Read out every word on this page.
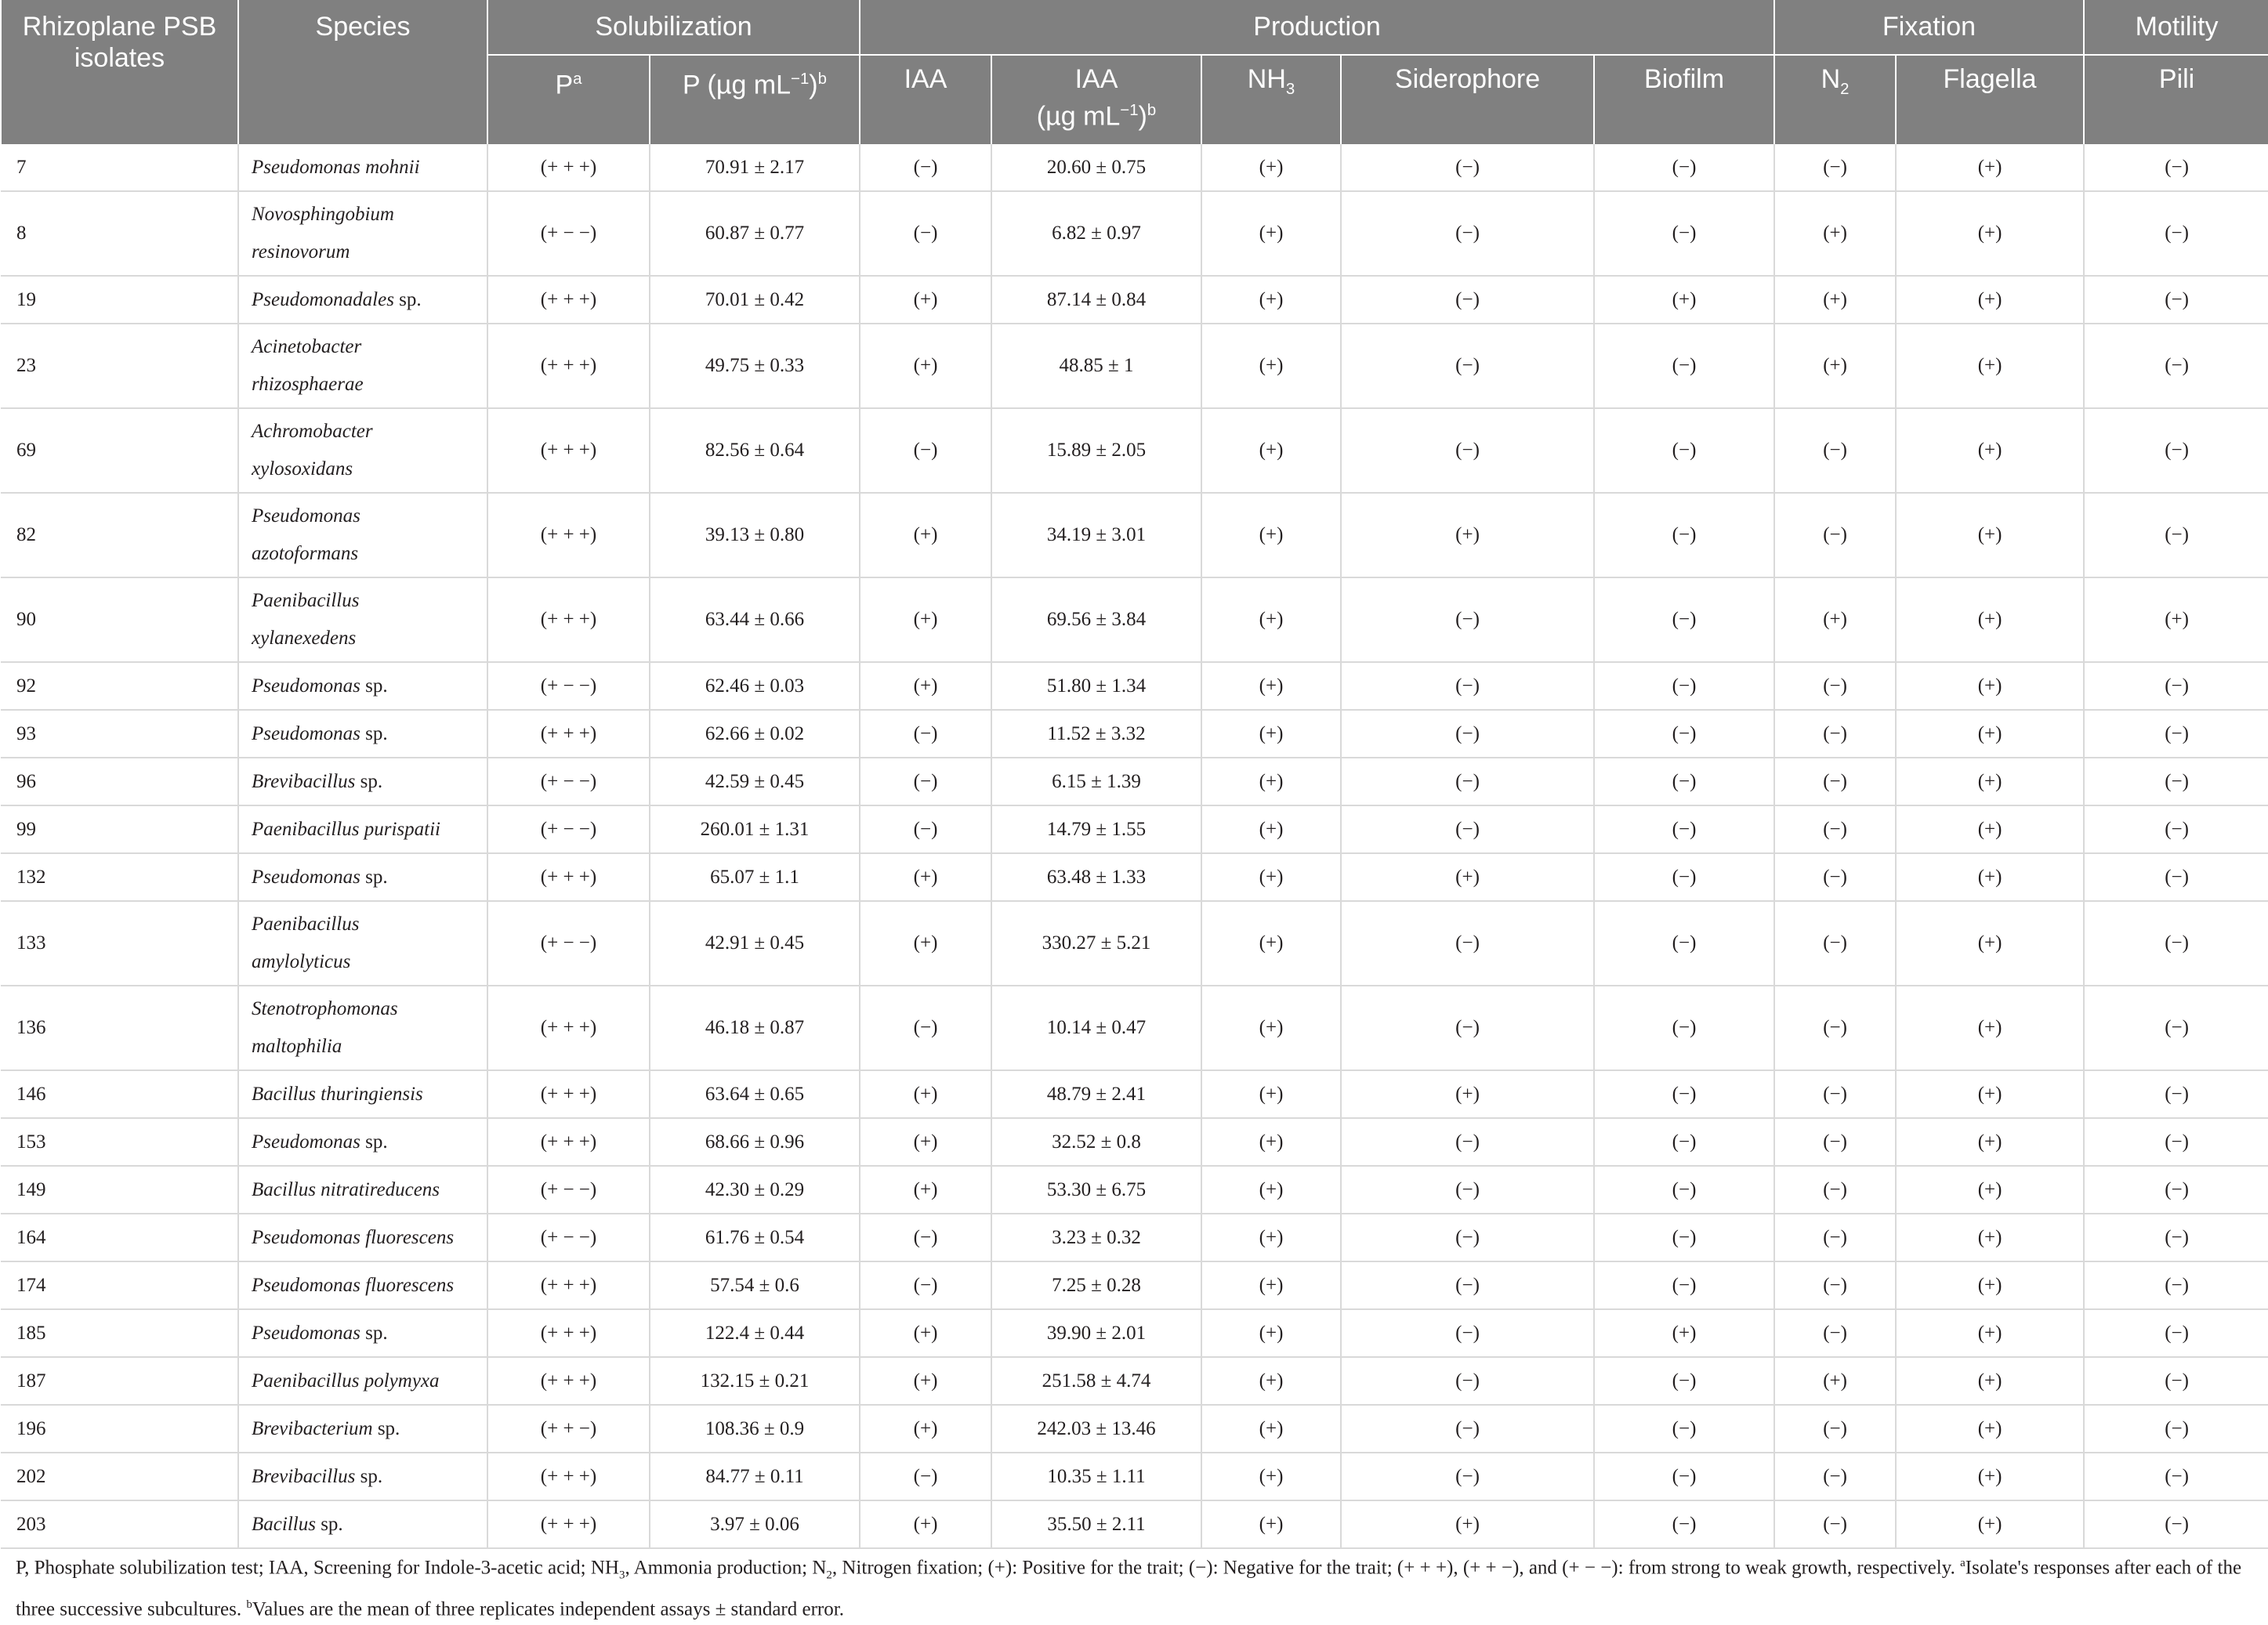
Rhizoplane PSB isolates	Species	Solubilization		Production					Fixation		Motility
		$P^a$	P (µg $mL^{-1})^b$	IAA	IAA
(µg $mL^{-1})^b$	$NH_3$	Siderophore	Biofilm	$N_2$	Flagella	Pili
7	Pseudomonas mohnii	(+ + +)	70.91 ± 2.17	(−)	20.60 ± 0.75	(+)	(−)	(−)	(−)	(+)	(−)
8	Novosphingobium
resinovorum	(+ − −)	60.87 ± 0.77	(−)	6.82 ± 0.97	(+)	(−)	(−)	(+)	(+)	(−)
19	Pseudomonadales sp.	(+ + +)	70.01 ± 0.42	(+)	87.14 ± 0.84	(+)	(−)	(+)	(+)	(+)	(−)
23	Acinetobacter
rhizosphaerae	(+ + +)	49.75 ± 0.33	(+)	48.85 ± 1	(+)	(−)	(−)	(+)	(+)	(−)
69	Achromobacter
xylosoxidans	(+ + +)	82.56 ± 0.64	(−)	15.89 ± 2.05	(+)	(−)	(−)	(−)	(+)	(−)
82	Pseudomonas
azotoformans	(+ + +)	39.13 ± 0.80	(+)	34.19 ± 3.01	(+)	(+)	(−)	(−)	(+)	(−)
90	Paenibacillus
xylanexedens	(+ + +)	63.44 ± 0.66	(+)	69.56 ± 3.84	(+)	(−)	(−)	(+)	(+)	(+)
92	Pseudomonas sp.	(+ − −)	62.46 ± 0.03	(+)	51.80 ± 1.34	(+)	(−)	(−)	(−)	(+)	(−)
93	Pseudomonas sp.	(+ + +)	62.66 ± 0.02	(−)	11.52 ± 3.32	(+)	(−)	(−)	(−)	(+)	(−)
96	Brevibacillus sp.	(+ − −)	42.59 ± 0.45	(−)	6.15 ± 1.39	(+)	(−)	(−)	(−)	(+)	(−)
99	Paenibacillus purispatii	(+ − −)	260.01 ± 1.31	(−)	14.79 ± 1.55	(+)	(−)	(−)	(−)	(+)	(−)
132	Pseudomonas sp.	(+ + +)	65.07 ± 1.1	(+)	63.48 ± 1.33	(+)	(+)	(−)	(−)	(+)	(−)
133	Paenibacillus
amylolyticus	(+ − −)	42.91 ± 0.45	(+)	330.27 ± 5.21	(+)	(−)	(−)	(−)	(+)	(−)
136	Stenotrophomonas
maltophilia	(+ + +)	46.18 ± 0.87	(−)	10.14 ± 0.47	(+)	(−)	(−)	(−)	(+)	(−)
146	Bacillus thuringiensis	(+ + +)	63.64 ± 0.65	(+)	48.79 ± 2.41	(+)	(+)	(−)	(−)	(+)	(−)
153	Pseudomonas sp.	(+ + +)	68.66 ± 0.96	(+)	32.52 ± 0.8	(+)	(−)	(−)	(−)	(+)	(−)
149	Bacillus nitratireducens	(+ − −)	42.30 ± 0.29	(+)	53.30 ± 6.75	(+)	(−)	(−)	(−)	(+)	(−)
164	Pseudomonas fluorescens	(+ − −)	61.76 ± 0.54	(−)	3.23 ± 0.32	(+)	(−)	(−)	(−)	(+)	(−)
174	Pseudomonas fluorescens	(+ + +)	57.54 ± 0.6	(−)	7.25 ± 0.28	(+)	(−)	(−)	(−)	(+)	(−)
185	Pseudomonas sp.	(+ + +)	122.4 ± 0.44	(+)	39.90 ± 2.01	(+)	(−)	(+)	(−)	(+)	(−)
187	Paenibacillus polymyxa	(+ + +)	132.15 ± 0.21	(+)	251.58 ± 4.74	(+)	(−)	(−)	(+)	(+)	(−)
196	Brevibacterium sp.	(+ + −)	108.36 ± 0.9	(+)	242.03 ± 13.46	(+)	(−)	(−)	(−)	(+)	(−)
202	Brevibacillus sp.	(+ + +)	84.77 ± 0.11	(−)	10.35 ± 1.11	(+)	(−)	(−)	(−)	(+)	(−)
203	Bacillus sp.	(+ + +)	3.97 ± 0.06	(+)	35.50 ± 2.11	(+)	(+)	(−)	(−)	(+)	(−)
P, Phosphate solubilization test; IAA, Screening for Indole-3-acetic acid; $NH_3$, Ammonia production; $N_2$, Nitrogen fixation; (+): Positive for the trait; (−): Negative for the trait; (+ + +), (+ + −), and (+ − −): from strong to weak growth, respectively. $^a$Isolate's responses after each of the three successive subcultures. $^b$Values are the mean of three replicates independent assays ± standard error.
